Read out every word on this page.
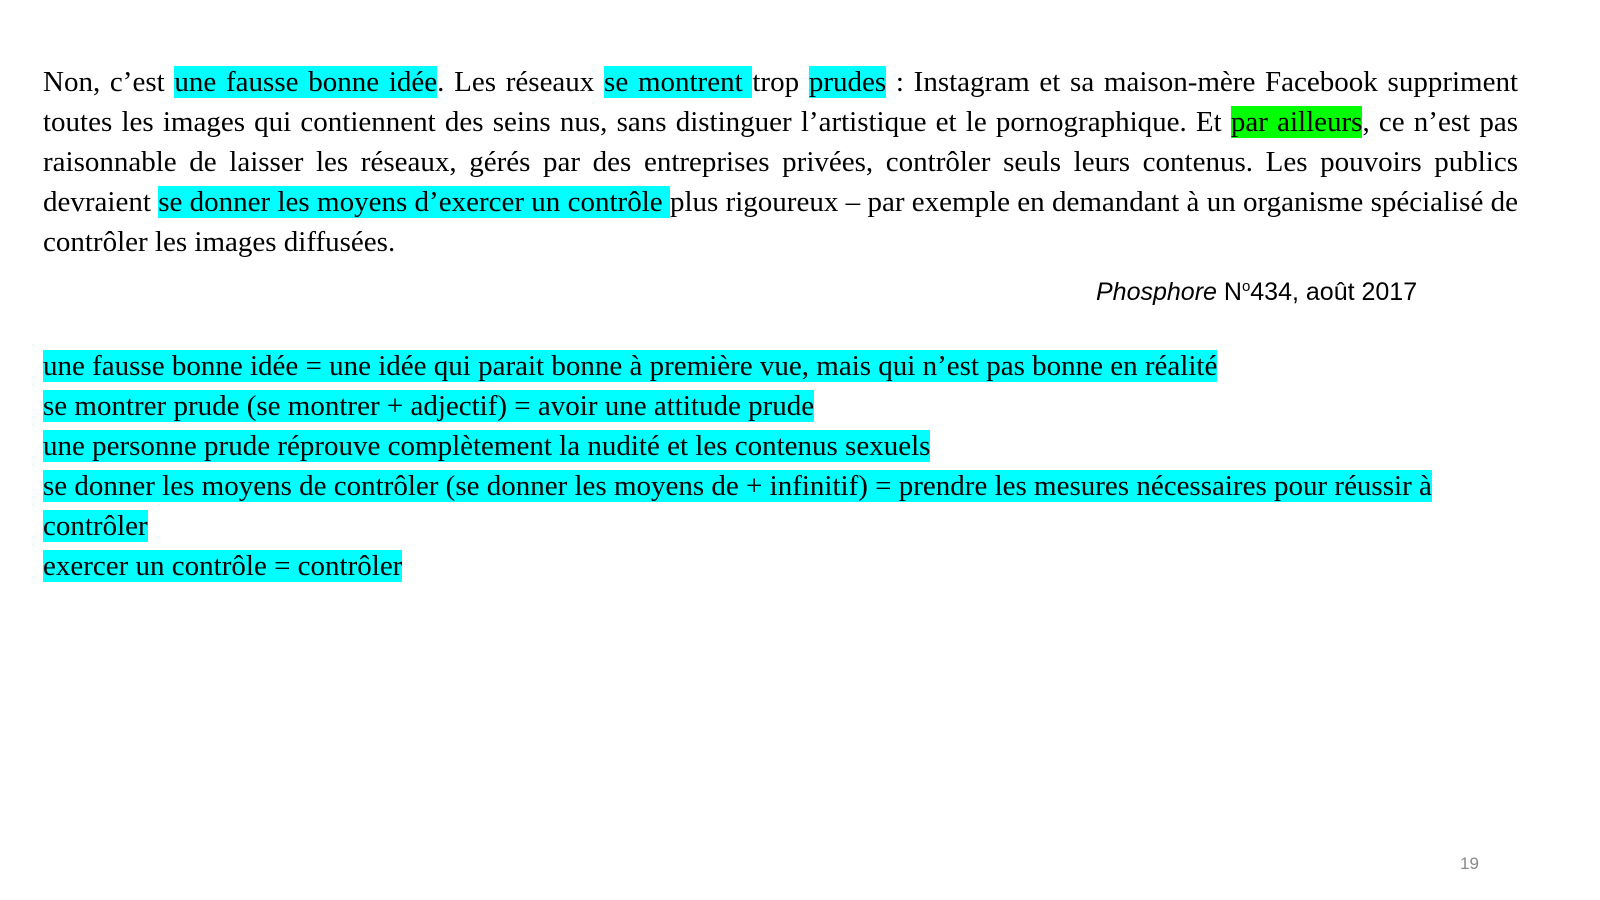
Non, c’est une fausse bonne idée. Les réseaux se montrent trop prudes : Instagram et sa maison-mère Facebook suppriment toutes les images qui contiennent des seins nus, sans distinguer l’artistique et le pornographique. Et par ailleurs, ce n’est pas raisonnable de laisser les réseaux, gérés par des entreprises privées, contrôler seuls leurs contenus. Les pouvoirs publics devraient se donner les moyens d’exercer un contrôle plus rigoureux – par exemple en demandant à un organisme spécialisé de contrôler les images diffusées.

Phosphore $N^o434$, août 2017
une fausse bonne idée = une idée qui parait bonne à première vue, mais qui n’est pas bonne en réalité
se montrer prude (se montrer + adjectif) = avoir une attitude prude
une personne prude réprouve complètement la nudité et les contenus sexuels
se donner les moyens de contrôler (se donner les moyens de + infinitif) = prendre les mesures nécessaires pour réussir à contrôler
exercer un contrôle = contrôler
19
